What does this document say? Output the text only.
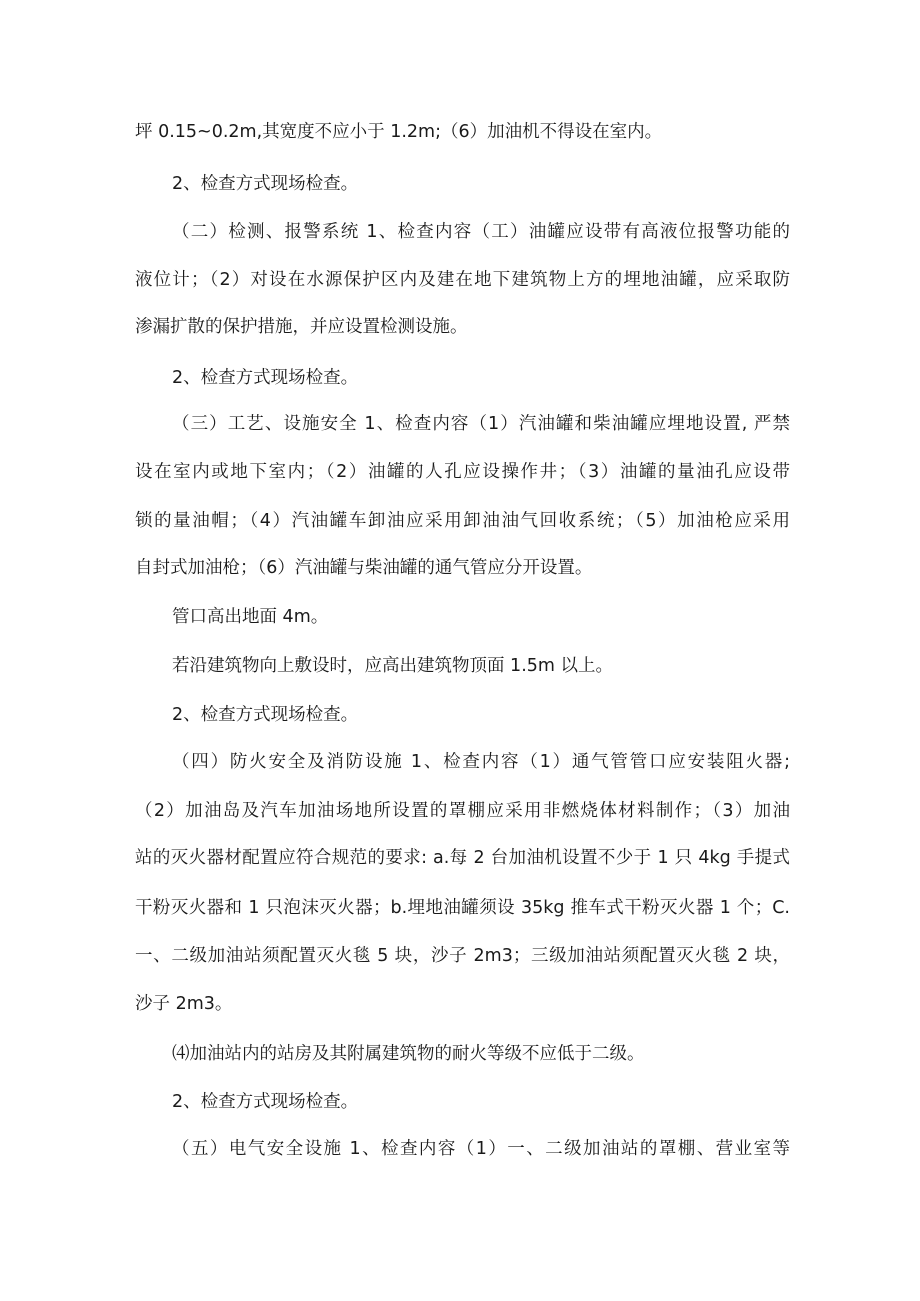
坪 0.15~0.2m,其宽度不应小于 1.2m;（6）加油机不得设在室内。
2、检查方式现场检查。
（二）检测、报警系统 1、检查内容（工）油罐应设带有高液位报警功能的
液位计；（2）对设在水源保护区内及建在地下建筑物上方的埋地油罐，应采取防
渗漏扩散的保护措施，并应设置检测设施。
2、检查方式现场检查。
（三）工艺、设施安全 1、检查内容（1）汽油罐和柴油罐应埋地设置, 严禁
设在室内或地下室内；（2）油罐的人孔应设操作井；（3）油罐的量油孔应设带
锁的量油帽；（4）汽油罐车卸油应采用卸油油气回收系统；（5）加油枪应采用
自封式加油枪；（6）汽油罐与柴油罐的通气管应分开设置。
管口高出地面 4m。
若沿建筑物向上敷设时，应高出建筑物顶面 1.5m 以上。
2、检查方式现场检查。
（四）防火安全及消防设施 1、检查内容（1）通气管管口应安装阻火器;
（2）加油岛及汽车加油场地所设置的罩棚应采用非燃烧体材料制作；（3）加油
站的灭火器材配置应符合规范的要求: a.每 2 台加油机设置不少于 1 只 4kg 手提式
干粉灭火器和 1 只泡沫灭火器；b.埋地油罐须设 35kg 推车式干粉灭火器 1 个；C.
一、二级加油站须配置灭火毯 5 块，沙子 2m3；三级加油站须配置灭火毯 2 块，
沙子 2m3。
⑷加油站内的站房及其附属建筑物的耐火等级不应低于二级。
2、检查方式现场检查。
（五）电气安全设施 1、检查内容（1）一、二级加油站的罩棚、营业室等
